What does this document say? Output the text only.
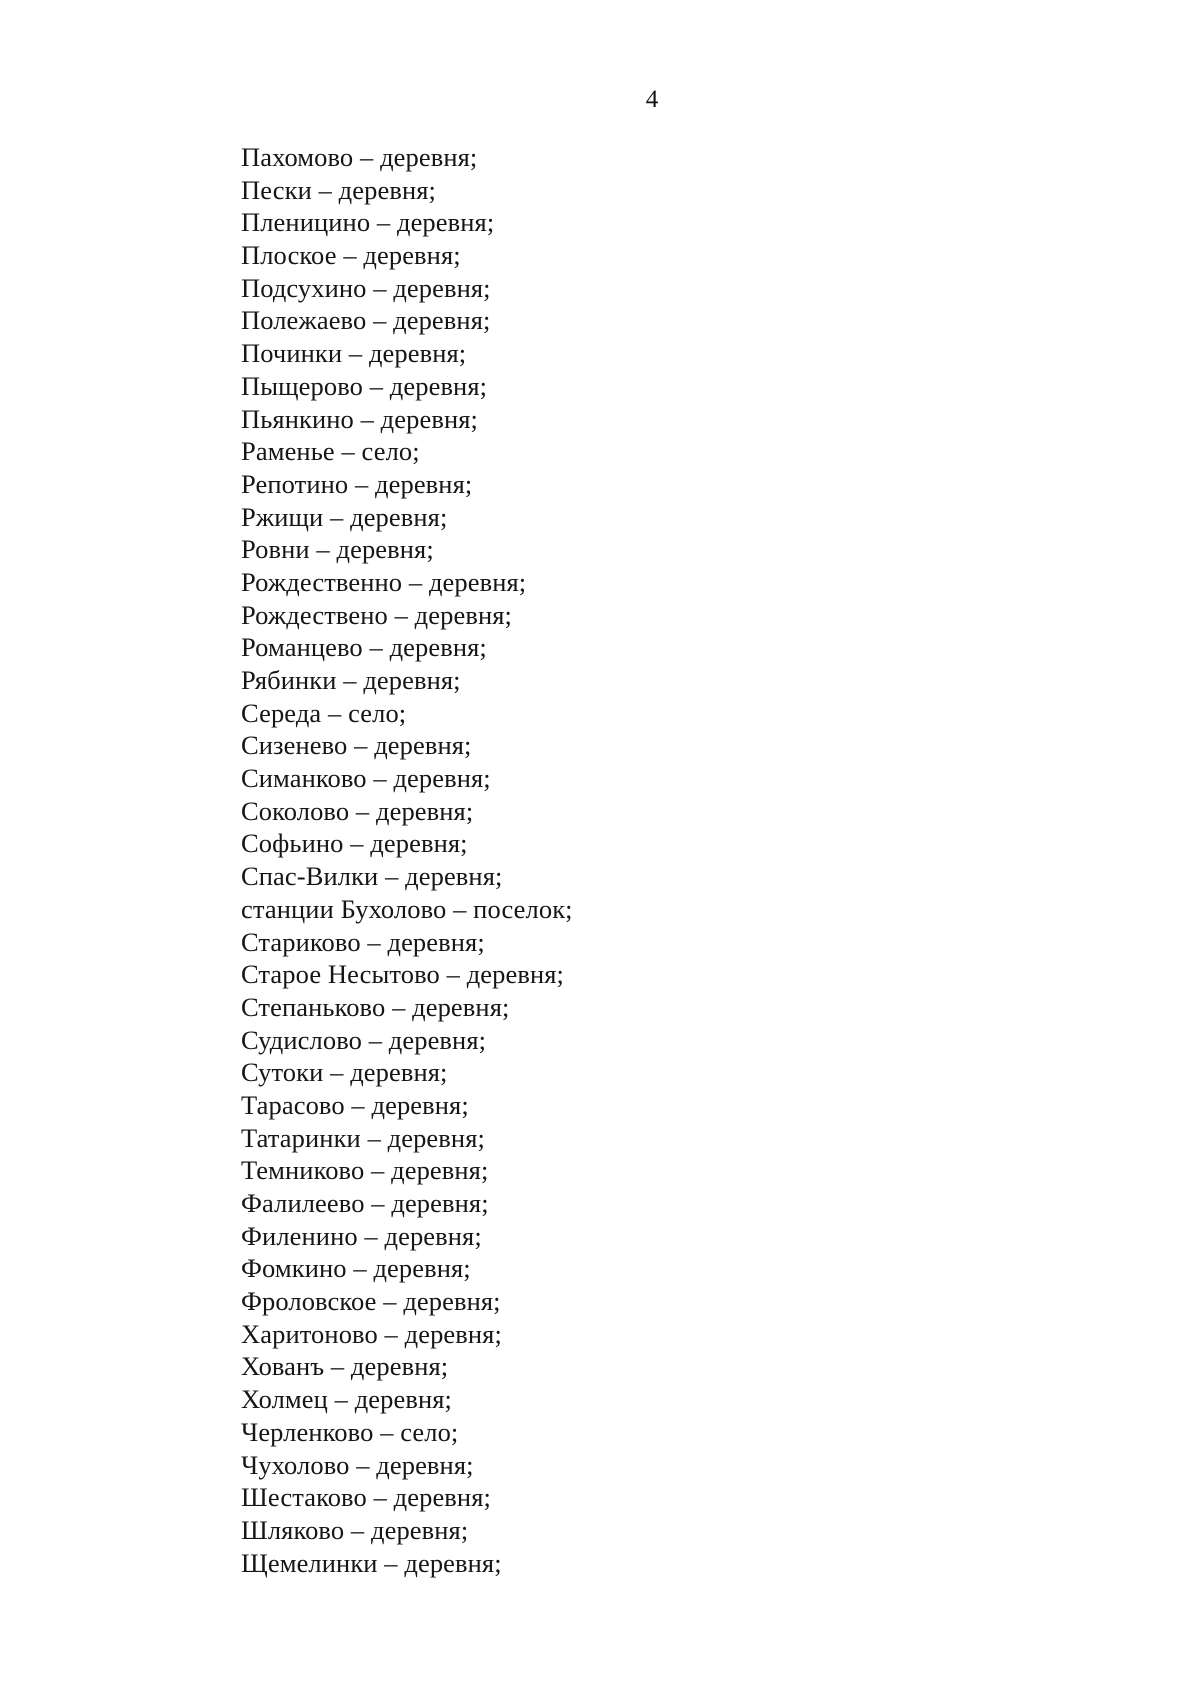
4
Пахомово – деревня;
Пески – деревня;
Пленицино – деревня;
Плоское – деревня;
Подсухино – деревня;
Полежаево – деревня;
Починки – деревня;
Пыщерово – деревня;
Пьянкино – деревня;
Раменье – село;
Репотино – деревня;
Ржищи – деревня;
Ровни – деревня;
Рождественно – деревня;
Рождествено – деревня;
Романцево – деревня;
Рябинки – деревня;
Середа – село;
Сизенево – деревня;
Симанково – деревня;
Соколово – деревня;
Софьино – деревня;
Спас-Вилки – деревня;
станции Бухолово – поселок;
Стариково – деревня;
Старое Несытово – деревня;
Степаньково – деревня;
Судислово – деревня;
Сутоки – деревня;
Тарасово – деревня;
Татаринки – деревня;
Темниково – деревня;
Фалилеево – деревня;
Филенино – деревня;
Фомкино – деревня;
Фроловское – деревня;
Харитоново – деревня;
Хованъ – деревня;
Холмец – деревня;
Черленково – село;
Чухолово – деревня;
Шестаково – деревня;
Шляково – деревня;
Щемелинки – деревня;
